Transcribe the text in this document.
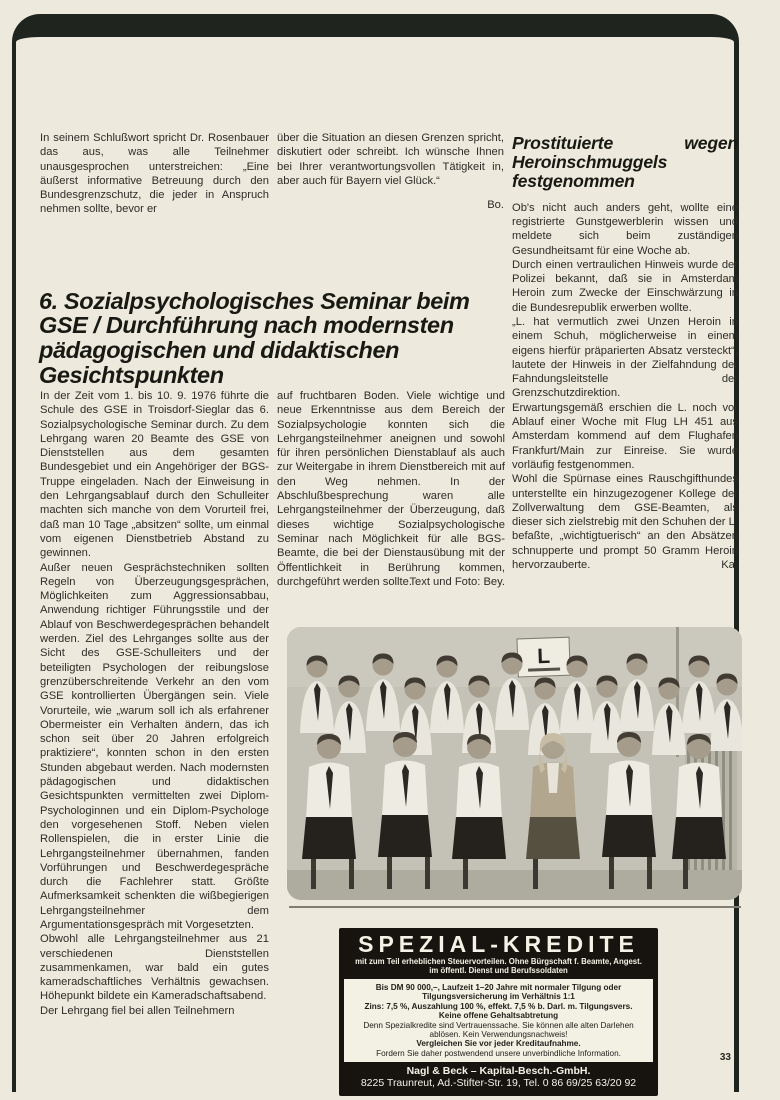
In seinem Schlußwort spricht Dr. Rosenbauer das aus, was alle Teilnehmer unausgesprochen unterstreichen: „Eine äußerst informative Betreuung durch den Bundesgrenzschutz, die jeder in Anspruch nehmen sollte, bevor er

über die Situation an diesen Grenzen spricht, diskutiert oder schreibt. Ich wünsche Ihnen bei Ihrer verantwortungsvollen Tätigkeit in, aber auch für Bayern viel Glück.“

Bo.
Prostituierte wegen Heroinschmuggels festgenommen

Ob's nicht auch anders geht, wollte eine registrierte Gunstgewerblerin wissen und meldete sich beim zuständigen Gesundheitsamt für eine Woche ab.

Durch einen vertraulichen Hinweis wurde der Polizei bekannt, daß sie in Amsterdam Heroin zum Zwecke der Einschwärzung in die Bundesrepublik erwerben wollte.

„L. hat vermutlich zwei Unzen Heroin in einem Schuh, möglicherweise in einem eigens hierfür präparierten Absatz versteckt“, lautete der Hinweis in der Zielfahndung der Fahndungsleitstelle der Grenzschutzdirektion.

Erwartungsgemäß erschien die L. noch vor Ablauf einer Woche mit Flug LH 451 aus Amsterdam kommend auf dem Flughafen Frankfurt/Main zur Einreise. Sie wurde vorläufig festgenommen.

Wohl die Spürnase eines Rauschgifthundes unterstellte ein hinzugezogener Kollege der Zollverwaltung dem GSE-Beamten, als dieser sich zielstrebig mit den Schuhen der L. befaßte, „wichtigtuerisch“ an den Absätzen schnupperte und prompt 50 Gramm Heroin hervorzauberte.	Ka.
6. Sozialpsychologisches Seminar beim GSE / Durchführung nach modernsten pädagogischen und didaktischen Gesichtspunkten

In der Zeit vom 1. bis 10. 9. 1976 führte die Schule des GSE in Troisdorf-Sieglar das 6. Sozialpsychologische Seminar durch. Zu dem Lehrgang waren 20 Beamte des GSE von Dienststellen aus dem gesamten Bundesgebiet und ein Angehöriger der BGS-Truppe eingeladen. Nach der Einweisung in den Lehrgangsablauf durch den Schulleiter machten sich manche von dem Vorurteil frei, daß man 10 Tage „absitzen“ sollte, um einmal vom eigenen Dienstbetrieb Abstand zu gewinnen.

Außer neuen Gesprächstechniken sollten Regeln von Überzeugungsgesprächen, Möglichkeiten zum Aggressionsabbau, Anwendung richtiger Führungsstile und der Ablauf von Beschwerdegesprächen behandelt werden. Ziel des Lehrganges sollte aus der Sicht des GSE-Schulleiters und der beteiligten Psychologen der reibungslose grenzüberschreitende Verkehr an den vom GSE kontrollierten Übergängen sein. Viele Vorurteile, wie „warum soll ich als erfahrener Obermeister ein Verhalten ändern, das ich schon seit über 20 Jahren erfolgreich praktiziere“, konnten schon in den ersten Stunden abgebaut werden. Nach modernsten pädagogischen und didaktischen Gesichtspunkten vermittelten zwei Diplom-Psychologinnen und ein Diplom-Psychologe den vorgesehenen Stoff. Neben vielen Rollenspielen, die in erster Linie die Lehrgangsteilnehmer übernahmen, fanden Vorführungen und Beschwerdegespräche durch die Fachlehrer statt. Größte Aufmerksamkeit schenkten die wißbegierigen Lehrgangsteilnehmer dem Argumentationsgespräch mit Vorgesetzten.

Obwohl alle Lehrgangsteilnehmer aus 21 verschiedenen Dienststellen zusammenkamen, war bald ein gutes kameradschaftliches Verhältnis gewachsen. Höhepunkt bildete ein Kameradschaftsabend.

Der Lehrgang fiel bei allen Teilnehmern

auf fruchtbaren Boden. Viele wichtige und neue Erkenntnisse aus dem Bereich der Sozialpsychologie konnten sich die Lehrgangsteilnehmer aneignen und sowohl für ihren persönlichen Dienstablauf als auch zur Weitergabe in ihrem Dienstbereich mit auf den Weg nehmen. In der Abschlußbesprechung waren alle Lehrgangsteilnehmer der Überzeugung, daß dieses wichtige Sozialpsychologische Seminar nach Möglichkeit für alle BGS-Beamte, die bei der Dienstausübung mit der Öffentlichkeit in Berührung kommen, durchgeführt werden sollte.

Text und Foto: Bey.
L
SPEZIAL-KREDITE
mit zum Teil erheblichen Steuervorteilen. Ohne Bürgschaft f. Beamte, Angest. im öffentl. Dienst und Berufssoldaten
Bis DM 90 000,–, Laufzeit 1–20 Jahre mit normaler Tilgung oder Tilgungsversicherung im Verhältnis 1:1
Zins: 7,5 %, Auszahlung 100 %, effekt. 7,5 % b. Darl. m. Tilgungsvers.
Keine offene Gehaltsabtretung
Denn Spezialkredite sind Vertrauenssache. Sie können alle alten Darlehen ablösen. Kein Verwendungsnachweis!
Vergleichen Sie vor jeder Kreditaufnahme.
Fordern Sie daher postwendend unsere unverbindliche Information.
Nagl & Beck – Kapital-Besch.-GmbH.
8225 Traunreut, Ad.-Stifter-Str. 19, Tel. 0 86 69/25 63/20 92
33
